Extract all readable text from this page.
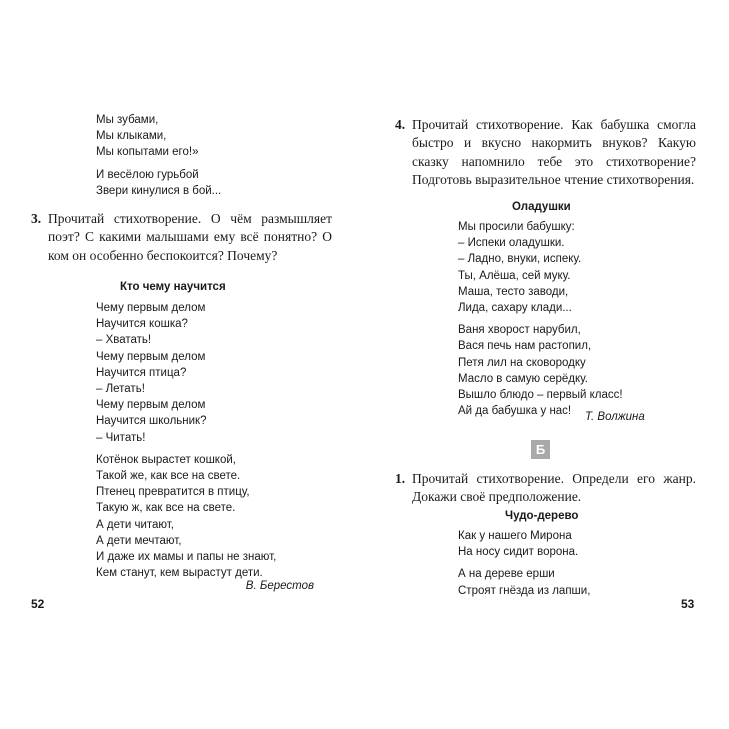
Мы зубами,
Мы клыками,
Мы копытами его!»
И весёлою гурьбой
Звери кинулися в бой...
3. Прочитай стихотворение. О чём размышляет поэт? С какими малышами ему всё понятно? О ком он особенно беспокоится? Почему?
Кто чему научится
Чему первым делом
Научится кошка?
– Хватать!
Чему первым делом
Научится птица?
– Летать!
Чему первым делом
Научится школьник?
– Читать!
Котёнок вырастет кошкой,
Такой же, как все на свете.
Птенец превратится в птицу,
Такую ж, как все на свете.
А дети читают,
А дети мечтают,
И даже их мамы и папы не знают,
Кем станут, кем вырастут дети.
В. Берестов
52
4. Прочитай стихотворение. Как бабушка смогла быстро и вкусно накормить внуков? Какую сказку напомнило тебе это стихотворение? Подготовь выразительное чтение стихотворения.
Оладушки
Мы просили бабушку:
– Испеки оладушки.
– Ладно, внуки, испеку.
Ты, Алёша, сей муку.
Маша, тесто заводи,
Лида, сахару клади...
Ваня хворост нарубил,
Вася печь нам растопил,
Петя лил на сковородку
Масло в самую серёдку.
Вышло блюдо – первый класс!
Ай да бабушка у нас!	Т. Волжина
Б
1. Прочитай стихотворение. Определи его жанр. Докажи своё предположение.
Чудо-дерево
Как у нашего Мирона
На носу сидит ворона.
А на дереве ерши
Строят гнёзда из лапши,
53
